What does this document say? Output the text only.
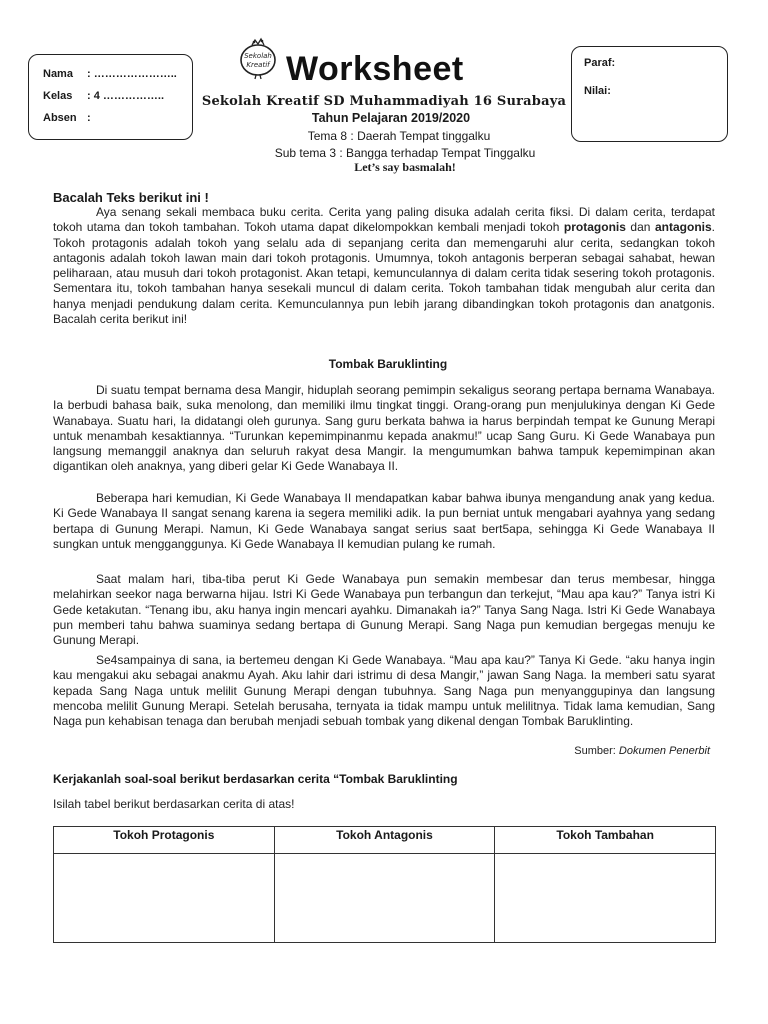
Nama	: …………………..
Kelas	: 4 ……………..
Absen :
Sekolah
Kreatif Worksheet
Sekolah Kreatif SD Muhammadiyah 16 Surabaya
Tahun Pelajaran 2019/2020
Tema 8 : Daerah Tempat tinggalku
Sub tema 3 : Bangga terhadap Tempat Tinggalku
Let’s say basmalah!
Paraf:
Nilai:
Bacalah Teks berikut ini !

Aya senang sekali membaca buku cerita. Cerita yang paling disuka adalah cerita fiksi. Di dalam cerita, terdapat tokoh utama dan tokoh tambahan. Tokoh utama dapat dikelompokkan kembali menjadi tokoh protagonis dan antagonis. Tokoh protagonis adalah tokoh yang selalu ada di sepanjang cerita dan memengaruhi alur cerita, sedangkan tokoh antagonis adalah tokoh lawan main dari tokoh protagonis. Umumnya, tokoh antagonis berperan sebagai sahabat, hewan peliharaan, atau musuh dari tokoh protagonist. Akan tetapi, kemunculannya di dalam cerita tidak sesering tokoh protagonis. Sementara itu, tokoh tambahan hanya sesekali muncul di dalam cerita. Tokoh tambahan tidak mengubah alur cerita dan hanya menjadi pendukung dalam cerita. Kemunculannya pun lebih jarang dibandingkan tokoh protagonis dan anatgonis. Bacalah cerita berikut ini!

Tombak Baruklinting

Di suatu tempat bernama desa Mangir, hiduplah seorang pemimpin sekaligus seorang pertapa bernama Wanabaya. Ia berbudi bahasa baik, suka menolong, dan memiliki ilmu tingkat tinggi. Orang-orang pun menjulukinya dengan Ki Gede Wanabaya. Suatu hari, Ia didatangi oleh gurunya. Sang guru berkata bahwa ia harus berpindah tempat ke Gunung Merapi untuk menambah kesaktiannya. “Turunkan kepemimpinanmu kepada anakmu!” ucap Sang Guru. Ki Gede Wanabaya pun langsung memanggil anaknya dan seluruh rakyat desa Mangir. Ia mengumumkan bahwa tampuk kepemimpinan akan digantikan oleh anaknya, yang diberi gelar Ki Gede Wanabaya II.

Beberapa hari kemudian, Ki Gede Wanabaya II mendapatkan kabar bahwa ibunya mengandung anak yang kedua. Ki Gede Wanabaya II sangat senang karena ia segera memiliki adik. Ia pun berniat untuk mengabari ayahnya yang sedang bertapa di Gunung Merapi. Namun, Ki Gede Wanabaya sangat serius saat bert5apa, sehingga Ki Gede Wanabaya II sungkan untuk mengganggunya. Ki Gede Wanabaya II kemudian pulang ke rumah.

Saat malam hari, tiba-tiba perut Ki Gede Wanabaya pun semakin membesar dan terus membesar, hingga melahirkan seekor naga berwarna hijau. Istri Ki Gede Wanabaya pun terbangun dan terkejut, “Mau apa kau?” Tanya istri Ki Gede ketakutan. “Tenang ibu, aku hanya ingin mencari ayahku. Dimanakah ia?” Tanya Sang Naga. Istri Ki Gede Wanabaya pun memberi tahu bahwa suaminya sedang bertapa di Gunung Merapi. Sang Naga pun kemudian bergegas menuju ke Gunung Merapi.

Se4sampainya di sana, ia bertemeu dengan Ki Gede Wanabaya. “Mau apa kau?” Tanya Ki Gede. “aku hanya ingin kau mengakui aku sebagai anakmu Ayah. Aku lahir dari istrimu di desa Mangir,” jawan Sang Naga. Ia memberi satu syarat kepada Sang Naga untuk melilit Gunung Merapi dengan tubuhnya. Sang Naga pun menyanggupinya dan langsung mencoba melilit Gunung Merapi. Setelah berusaha, ternyata ia tidak mampu untuk melilitnya. Tidak lama kemudian, Sang Naga pun kehabisan tenaga dan berubah menjadi sebuah tombak yang dikenal dengan Tombak Baruklinting.

Sumber: Dokumen Penerbit
Kerjakanlah soal-soal berikut berdasarkan cerita “Tombak Baruklinting
Isilah tabel berikut berdasarkan cerita di atas!
Tokoh Protagonis	Tokoh Antagonis	Tokoh Tambahan
